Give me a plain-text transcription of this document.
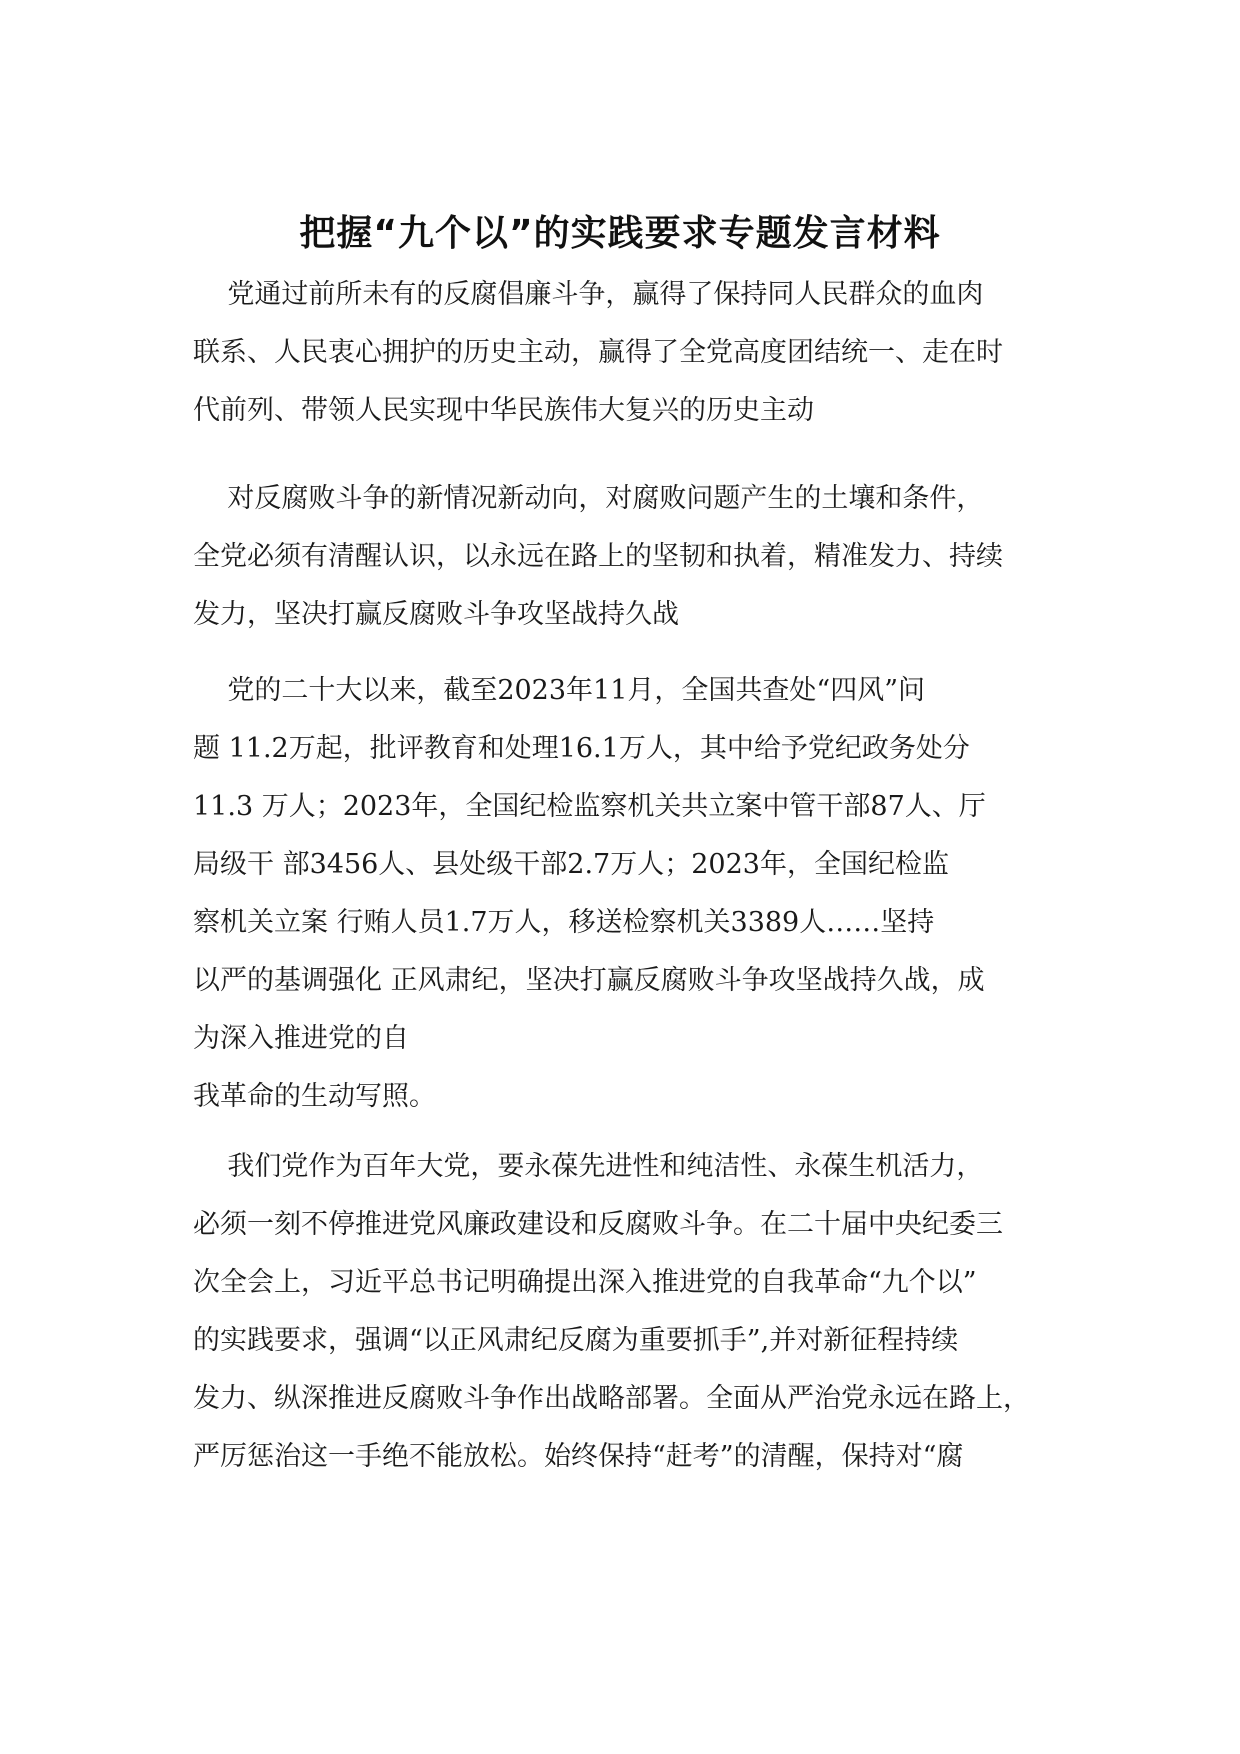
把握“九个以”的实践要求专题发言材料

党通过前所未有的反腐倡廉斗争，赢得了保持同人民群众的血肉
联系、人民衷心拥护的历史主动，赢得了全党高度团结统一、走在时
代前列、带领人民实现中华民族伟大复兴的历史主动

对反腐败斗争的新情况新动向，对腐败问题产生的土壤和条件，
全党必须有清醒认识，以永远在路上的坚韧和执着，精准发力、持续
发力，坚决打赢反腐败斗争攻坚战持久战

党的二十大以来，截至2023年11月，全国共查处“四风”问
题 11.2万起，批评教育和处理16.1万人，其中给予党纪政务处分
11.3 万人；2023年，全国纪检监察机关共立案中管干部87人、厅
局级干 部3456人、县处级干部2.7万人；2023年，全国纪检监
察机关立案 行贿人员1.7万人，移送检察机关3389人……坚持
以严的基调强化 正风肃纪，坚决打赢反腐败斗争攻坚战持久战，成
为深入推进党的自
我革命的生动写照。

我们党作为百年大党，要永葆先进性和纯洁性、永葆生机活力，
必须一刻不停推进党风廉政建设和反腐败斗争。在二十届中央纪委三
次全会上，习近平总书记明确提出深入推进党的自我革命“九个以”
的实践要求，强调“以正风肃纪反腐为重要抓手”,并对新征程持续
发力、纵深推进反腐败斗争作出战略部署。全面从严治党永远在路上，
严厉惩治这一手绝不能放松。始终保持“赶考”的清醒，保持对“腐
